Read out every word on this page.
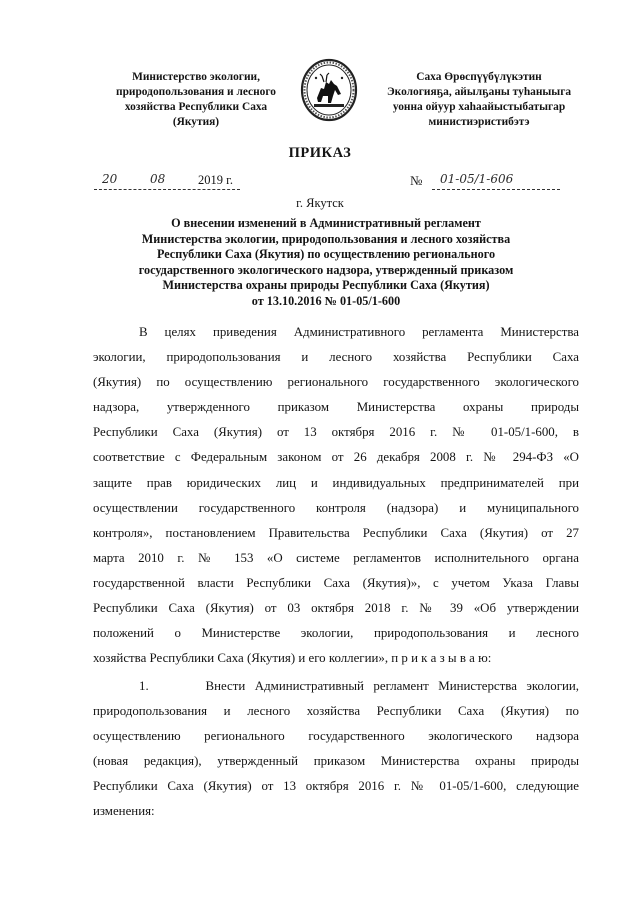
Министерство экологии,
природопользования и лесного
хозяйства Республики Саха
(Якутия)
Саха Өрөспүүбүлүкэтин
Экологияҕа, айылҕаны туһаныыга
уонна ойуур хаһаайыстыбатыгар
министиэристибэтэ
ПРИКАЗ
20	08	2019 г.	№ 01-05/1-606
г. Якутск
О внесении изменений в Административный регламент
Министерства экологии, природопользования и лесного хозяйства
Республики Саха (Якутия) по осуществлению регионального
государственного экологического надзора, утвержденный приказом
Министерства охраны природы Республики Саха (Якутия)
от 13.10.2016 № 01-05/1-600
В целях приведения Административного регламента Министерства
экологии, природопользования и лесного хозяйства Республики Саха
(Якутия) по осуществлению регионального государственного экологического
надзора, утвержденного приказом Министерства охраны природы
Республики Саха (Якутия) от 13 октября 2016 г. № 01-05/1-600, в
соответствие с Федеральным законом от 26 декабря 2008 г. № 294-ФЗ «О
защите прав юридических лиц и индивидуальных предпринимателей при
осуществлении государственного контроля (надзора) и муниципального
контроля», постановлением Правительства Республики Саха (Якутия) от 27
марта 2010 г. № 153 «О системе регламентов исполнительного органа
государственной власти Республики Саха (Якутия)», с учетом Указа Главы
Республики Саха (Якутия) от 03 октября 2018 г. № 39 «Об утверждении
положений о Министерстве экологии, природопользования и лесного
хозяйства Республики Саха (Якутия) и его коллегии», п р и к а з ы в а ю:
1.      Внести Административный регламент Министерства экологии,
природопользования и лесного хозяйства Республики Саха (Якутия) по
осуществлению регионального государственного экологического надзора
(новая редакция), утвержденный приказом Министерства охраны природы
Республики Саха (Якутия) от 13 октября 2016 г. № 01-05/1-600, следующие
изменения:
